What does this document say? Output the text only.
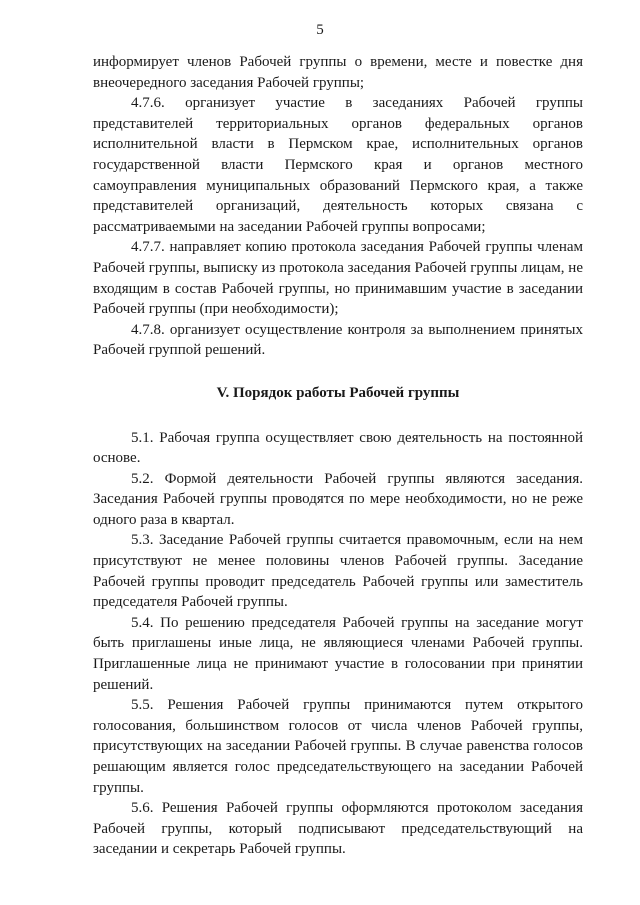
5

информирует членов Рабочей группы о времени, месте и повестке дня внеочередного заседания Рабочей группы;

4.7.6. организует участие в заседаниях Рабочей группы представителей территориальных органов федеральных органов исполнительной власти в Пермском крае, исполнительных органов государственной власти Пермского края и органов местного самоуправления муниципальных образований Пермского края, а также представителей организаций, деятельность которых связана с рассматриваемыми на заседании Рабочей группы вопросами;

4.7.7. направляет копию протокола заседания Рабочей группы членам Рабочей группы, выписку из протокола заседания Рабочей группы лицам, не входящим в состав Рабочей группы, но принимавшим участие в заседании Рабочей группы (при необходимости);

4.7.8. организует осуществление контроля за выполнением принятых Рабочей группой решений.

V. Порядок работы Рабочей группы

5.1. Рабочая группа осуществляет свою деятельность на постоянной основе.

5.2. Формой деятельности Рабочей группы являются заседания. Заседания Рабочей группы проводятся по мере необходимости, но не реже одного раза в квартал.

5.3. Заседание Рабочей группы считается правомочным, если на нем присутствуют не менее половины членов Рабочей группы. Заседание Рабочей группы проводит председатель Рабочей группы или заместитель председателя Рабочей группы.

5.4. По решению председателя Рабочей группы на заседание могут быть приглашены иные лица, не являющиеся членами Рабочей группы. Приглашенные лица не принимают участие в голосовании при принятии решений.

5.5. Решения Рабочей группы принимаются путем открытого голосования, большинством голосов от числа членов Рабочей группы, присутствующих на заседании Рабочей группы. В случае равенства голосов решающим является голос председательствующего на заседании Рабочей группы.

5.6. Решения Рабочей группы оформляются протоколом заседания Рабочей группы, который подписывают председательствующий на заседании и секретарь Рабочей группы.
